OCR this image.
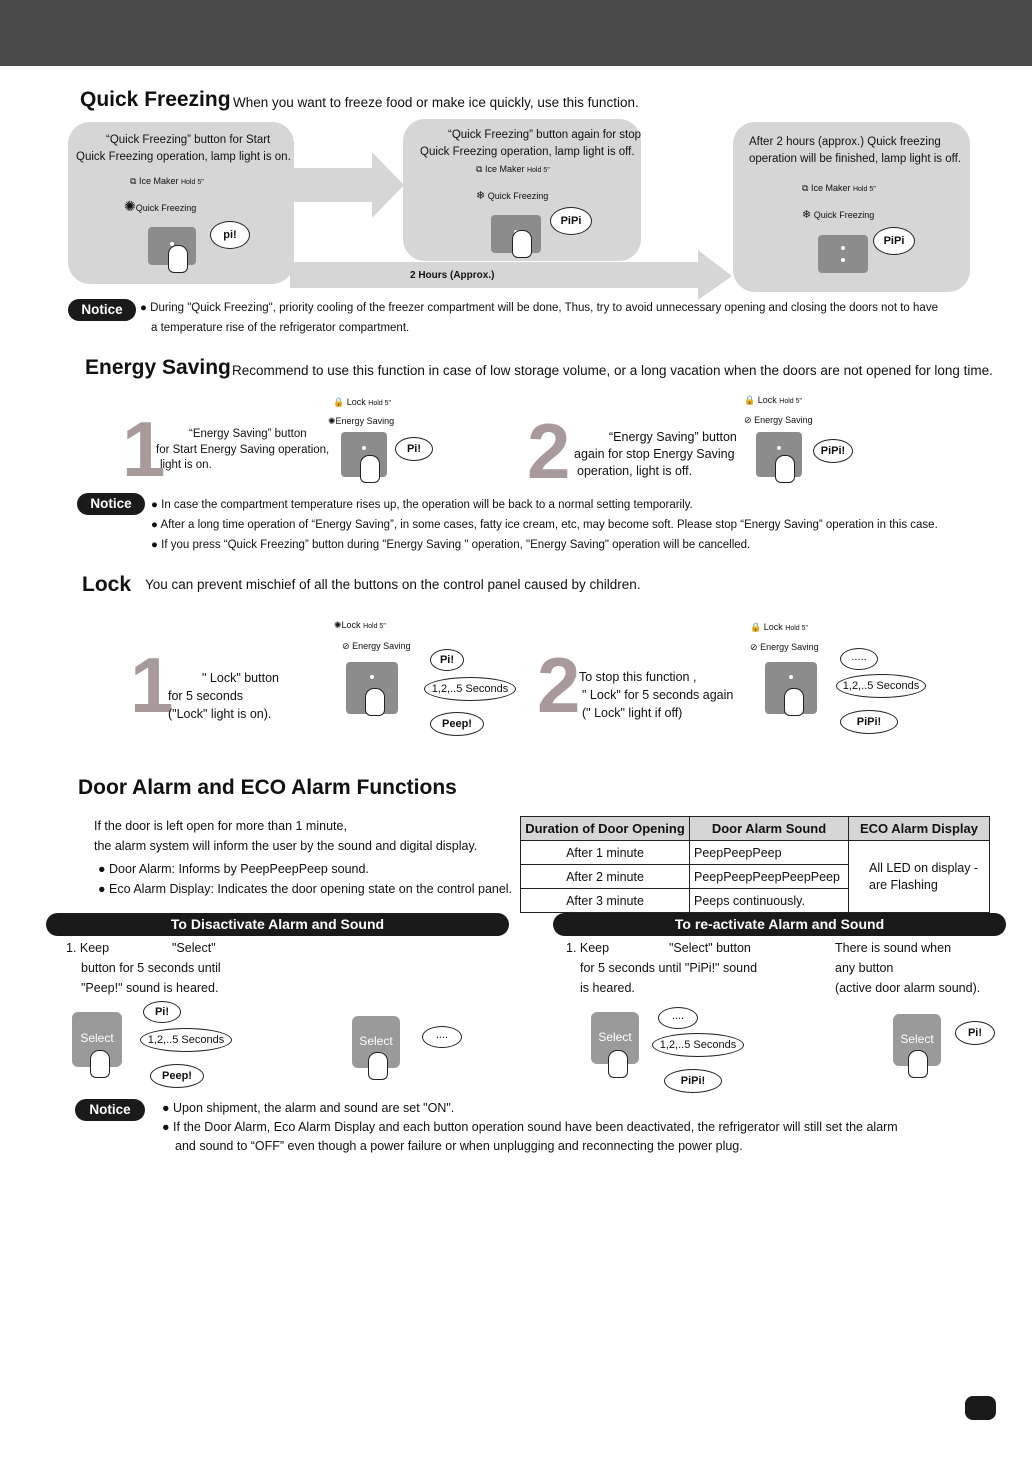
Quick Freezing When you want to freeze food or make ice quickly, use this function.
“Quick Freezing” button for Start
Quick Freezing operation, lamp light is on.
⧉ Ice Maker Hold 5"
✺Quick Freezing
pi!
“Quick Freezing” button again for stop
Quick Freezing operation, lamp light is off.
⧉ Ice Maker Hold 5"
❄ Quick Freezing
PiPi
After 2 hours (approx.) Quick freezing
operation will be finished, lamp light is off.
⧉ Ice Maker Hold 5"
❄ Quick Freezing
PiPi
2 Hours (Approx.)
Notice	● During "Quick Freezing", priority cooling of the freezer compartment will be done, Thus, try to avoid unnecessary opening and closing the doors not to have
a temperature rise of the refrigerator compartment.
Energy Saving Recommend to use this function in case of low storage volume, or a long vacation when the doors are not opened for long time.
1 “Energy Saving” button
for Start Energy Saving operation,
light is on.
🔒 Lock Hold 5"
✺Energy Saving
Pi! 2	“Energy Saving” button
again for stop Energy Saving
operation, light is off.
🔒 Lock Hold 5"
⊘ Energy Saving
PiPi!
Notice	● In case the compartment temperature rises up, the operation will be back to a normal setting temporarily.
● After a long time operation of “Energy Saving”, in some cases, fatty ice cream, etc, may become soft. Please stop “Energy Saving” operation in this case.
● If you press “Quick Freezing” button during "Energy Saving " operation, "Energy Saving" operation will be cancelled.
Lock You can prevent mischief of all the buttons on the control panel caused by children.
1 " Lock" button
for 5 seconds
("Lock" light is on).
✺Lock Hold 5"
⊘ Energy Saving
Pi!
1,2,..5 Seconds
Peep! 2
To stop this function ,
" Lock" for 5 seconds again
(" Lock" light if off)
🔒 Lock Hold 5"
⊘ Energy Saving
.....
1,2,..5 Seconds
PiPi!
Door Alarm and ECO Alarm Functions
If the door is left open for more than 1 minute,
the alarm system will inform the user by the sound and digital display.
● Door Alarm: Informs by PeepPeepPeep sound.
● Eco Alarm Display: Indicates the door opening state on the control panel.
Duration of Door Opening	Door Alarm Sound	ECO Alarm Display
After 1 minute	PeepPeepPeep	All LED on display -
are Flashing

After 2 minute	PeepPeepPeepPeepPeep	
After 3 minute	Peeps continuously.	
To Disactivate Alarm and Sound	To re-activate Alarm and Sound
1. Keep	"Select"
button for 5 seconds until
"Peep!" sound is heared.
1. Keep	"Select" button
for 5 seconds until "PiPi!" sound
is heared.
There is sound when
any button
(active door alarm sound).
Select
Pi!
1,2,..5 Seconds
Peep!
Select	....	Select
....
1,2,..5 Seconds
PiPi!
Select	Pi!
Notice	● Upon shipment, the alarm and sound are set "ON".
● If the Door Alarm, Eco Alarm Display and each button operation sound have been deactivated, the refrigerator will still set the alarm
and sound to “OFF” even though a power failure or when unplugging and reconnecting the power plug.
